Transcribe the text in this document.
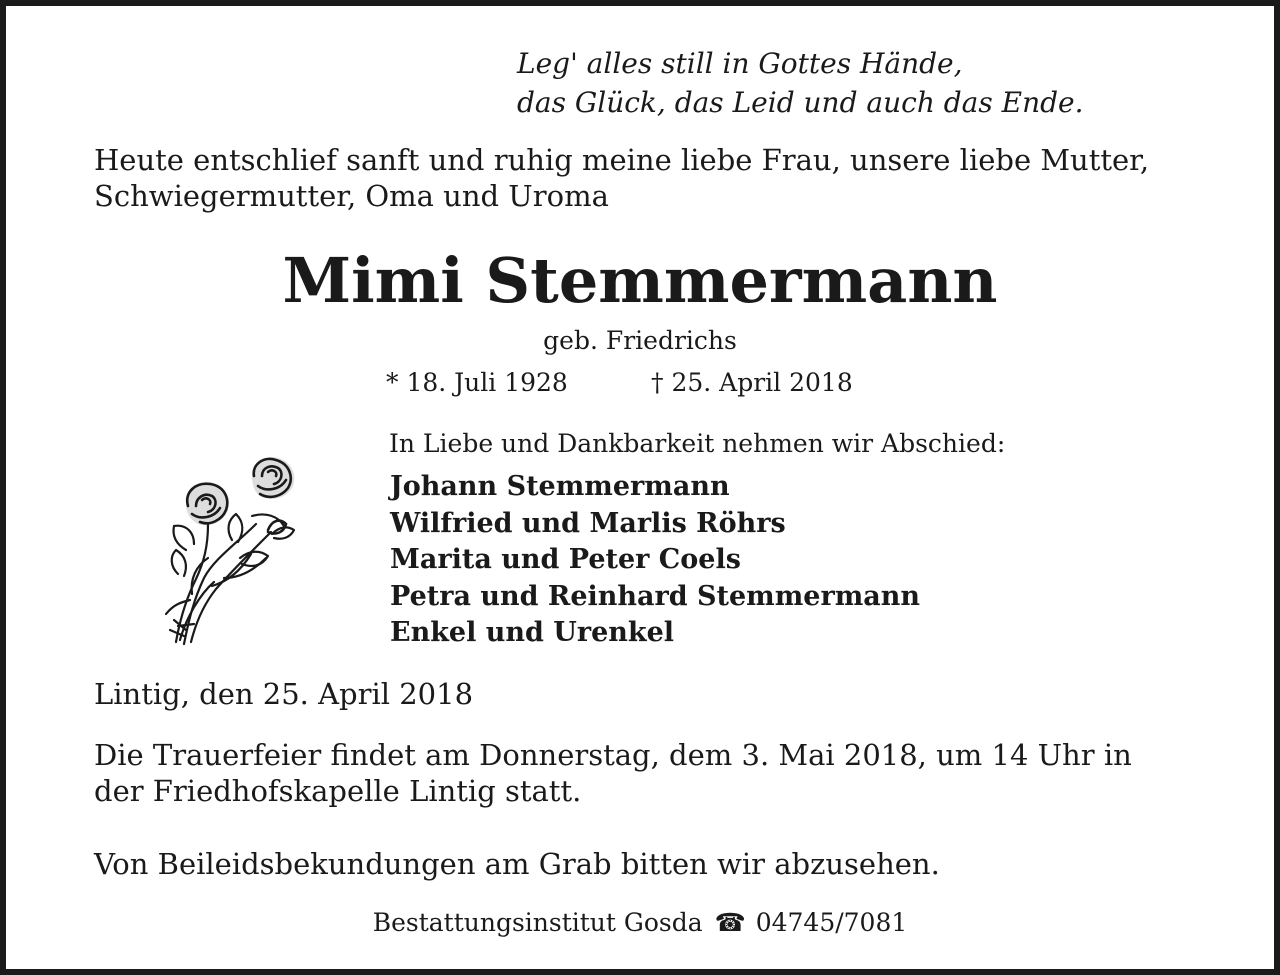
Leg' alles still in Gottes Hände,
das Glück, das Leid und auch das Ende.
Heute entschlief sanft und ruhig meine liebe Frau, unsere liebe Mutter,
Schwiegermutter, Oma und Uroma
Mimi Stemmermann
geb. Friedrichs
* 18. Juli 1928	† 25. April 2018
In Liebe und Dankbarkeit nehmen wir Abschied:
Johann Stemmermann
Wilfried und Marlis Röhrs
Marita und Peter Coels
Petra und Reinhard Stemmermann
Enkel und Urenkel
Lintig, den 25. April 2018
Die Trauerfeier findet am Donnerstag, dem 3. Mai 2018, um 14 Uhr in
der Friedhofskapelle Lintig statt.
Von Beileidsbekundungen am Grab bitten wir abzusehen.
Bestattungsinstitut Gosda ☎ 04745/7081
